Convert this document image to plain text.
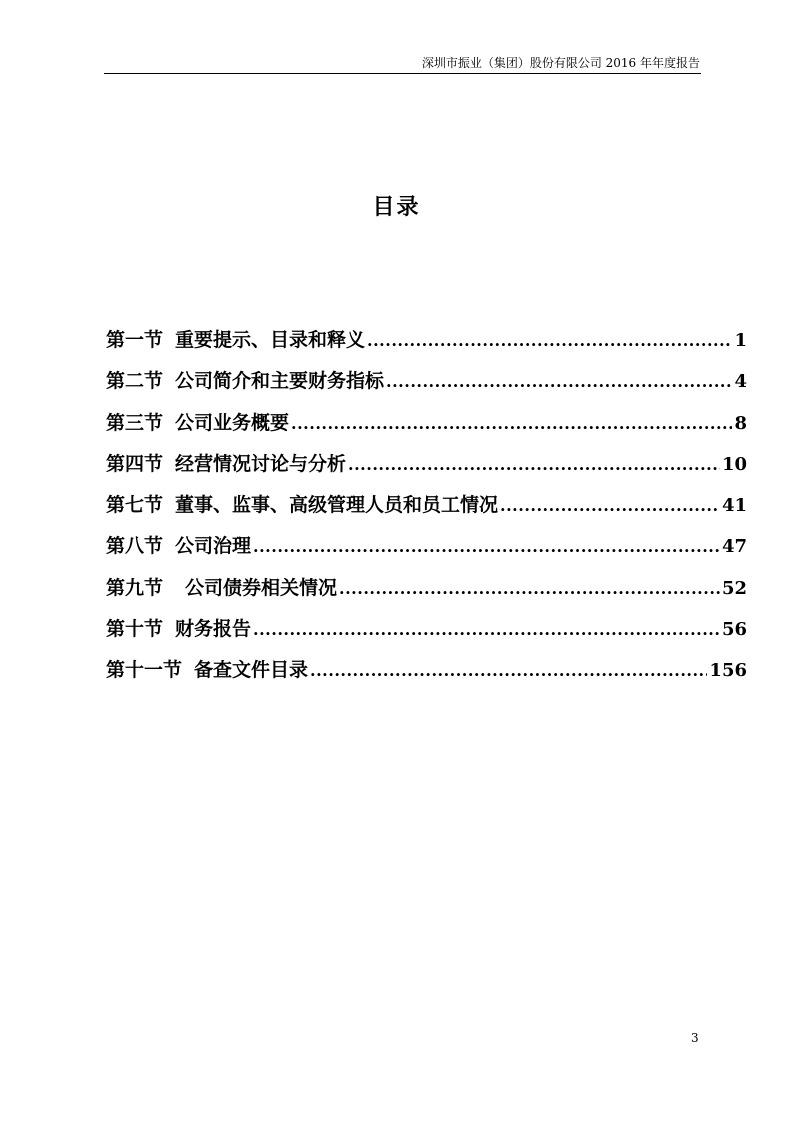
深圳市振业（集团）股份有限公司 2016 年年度报告
目录
第一节 重要提示、目录和释义 .....	1
第二节 公司简介和主要财务指标 .....	4
第三节 公司业务概要 .....	8
第四节 经营情况讨论与分析 .....	10
第七节 董事、监事、高级管理人员和员工情况 .....	41
第八节 公司治理 .....	47
第九节	公司债券相关情况 .....	52
第十节 财务报告 .....	56
第十一节 备查文件目录 .....	156
3
